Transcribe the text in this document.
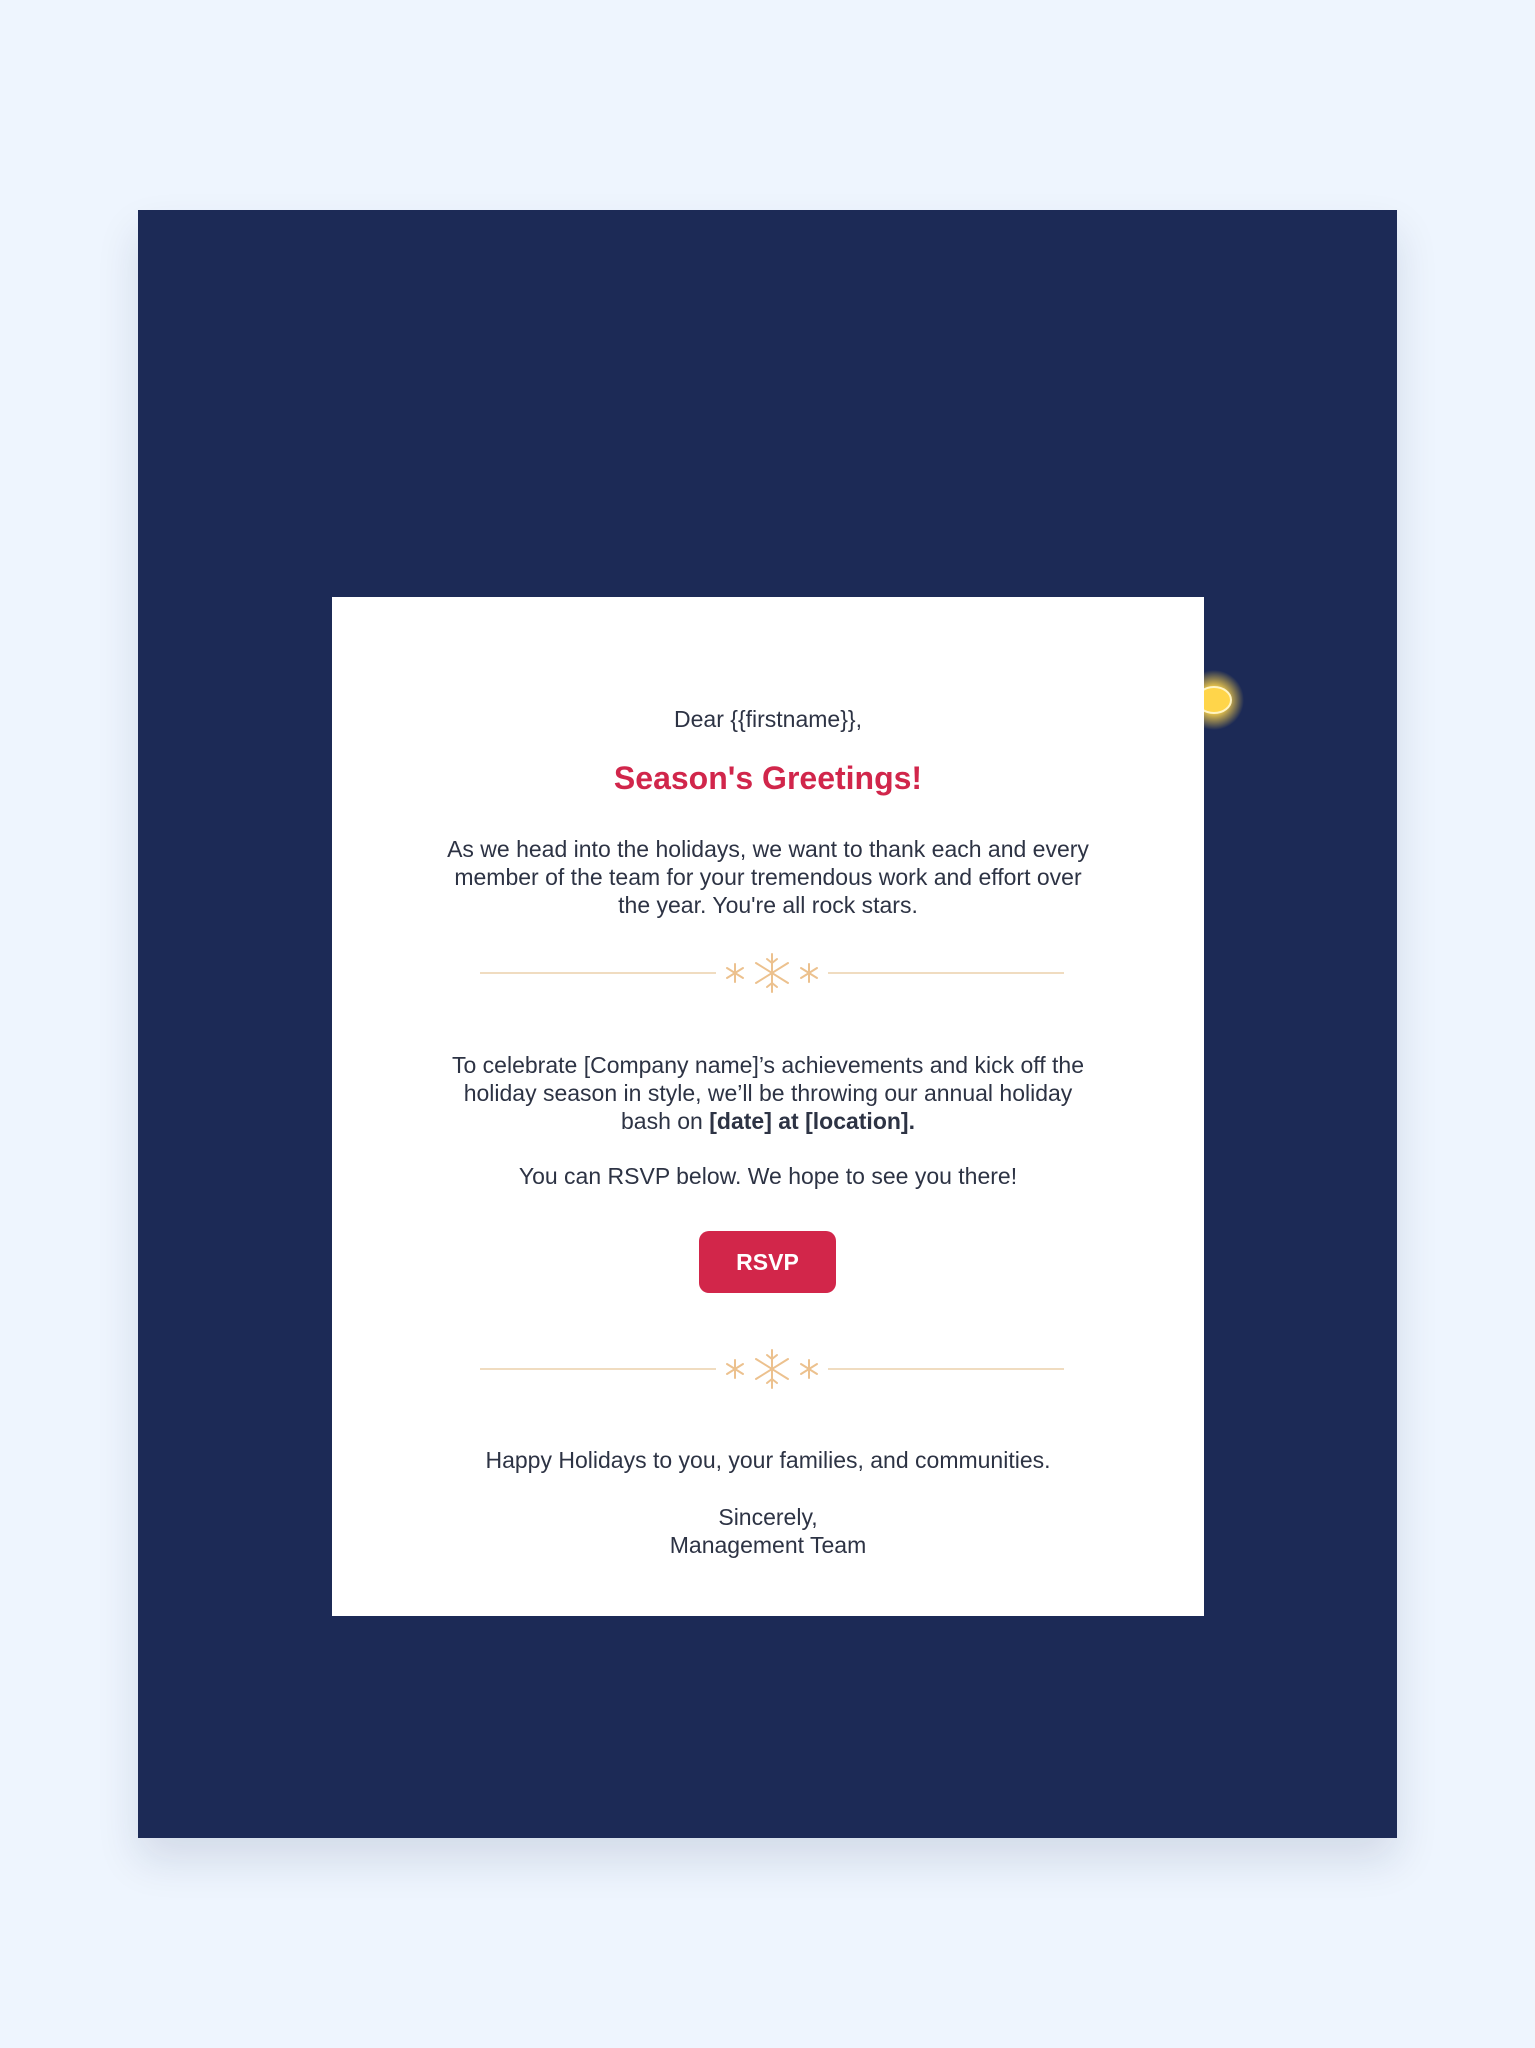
Dear {{firstname}},
Season's Greetings!
As we head into the holidays, we want to thank each and every member of the team for your tremendous work and effort over the year. You're all rock stars.
To celebrate [Company name]’s achievements and kick off the holiday season in style, we’ll be throwing our annual holiday bash on [date] at [location].
You can RSVP below. We hope to see you there!
RSVP
Happy Holidays to you, your families, and communities.
Sincerely,
Management Team
